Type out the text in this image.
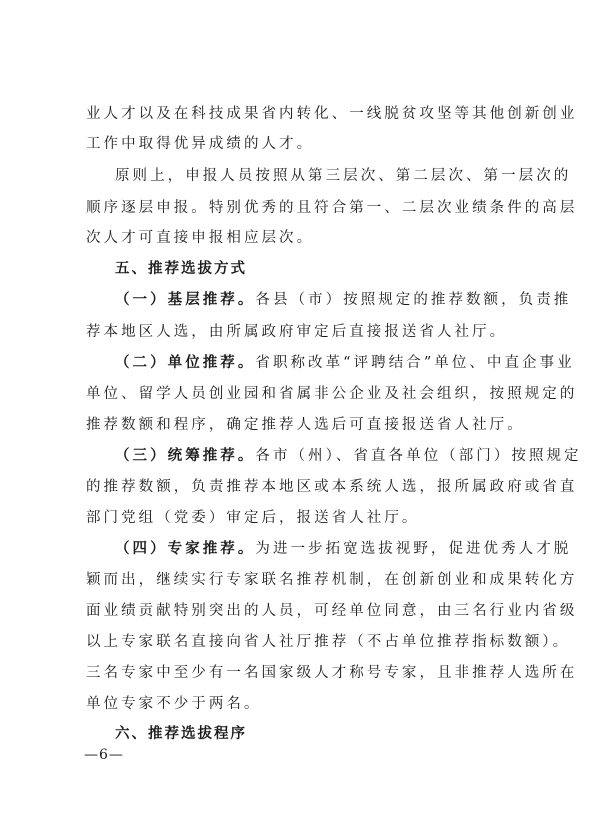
业人才以及在科技成果省内转化、一线脱贫攻坚等其他创新创业
工作中取得优异成绩的人才。
原则上，申报人员按照从第三层次、第二层次、第一层次的
顺序逐层申报。特别优秀的且符合第一、二层次业绩条件的高层
次人才可直接申报相应层次。
五、推荐选拔方式
（一）基层推荐。各县（市）按照规定的推荐数额，负责推
荐本地区人选，由所属政府审定后直接报送省人社厅。
（二）单位推荐。省职称改革“评聘结合”单位、中直企事业
单位、留学人员创业园和省属非公企业及社会组织，按照规定的
推荐数额和程序，确定推荐人选后可直接报送省人社厅。
（三）统筹推荐。各市（州）、省直各单位（部门）按照规定
的推荐数额，负责推荐本地区或本系统人选，报所属政府或省直
部门党组（党委）审定后，报送省人社厅。
（四）专家推荐。为进一步拓宽选拔视野，促进优秀人才脱
颖而出，继续实行专家联名推荐机制，在创新创业和成果转化方
面业绩贡献特别突出的人员，可经单位同意，由三名行业内省级
以上专家联名直接向省人社厅推荐（不占单位推荐指标数额）。
三名专家中至少有一名国家级人才称号专家，且非推荐人选所在
单位专家不少于两名。
六、推荐选拔程序
—6—
